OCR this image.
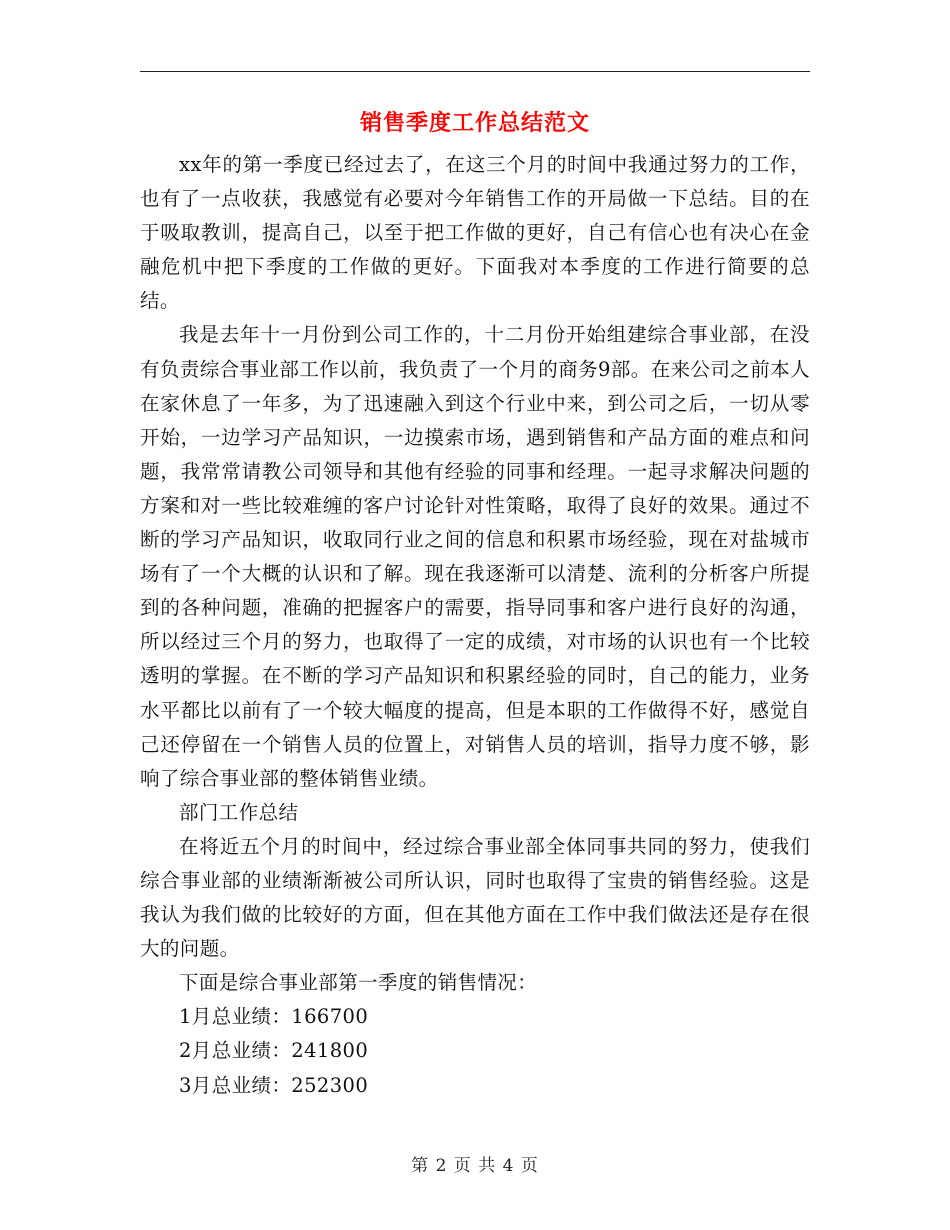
销售季度工作总结范文

xx年的第一季度已经过去了，在这三个月的时间中我通过努力的工作，也有了一点收获，我感觉有必要对今年销售工作的开局做一下总结。目的在于吸取教训，提高自己，以至于把工作做的更好，自己有信心也有决心在金融危机中把下季度的工作做的更好。下面我对本季度的工作进行简要的总结。

我是去年十一月份到公司工作的，十二月份开始组建综合事业部，在没有负责综合事业部工作以前，我负责了一个月的商务9部。在来公司之前本人在家休息了一年多，为了迅速融入到这个行业中来，到公司之后，一切从零开始，一边学习产品知识，一边摸索市场，遇到销售和产品方面的难点和问题，我常常请教公司领导和其他有经验的同事和经理。一起寻求解决问题的方案和对一些比较难缠的客户讨论针对性策略，取得了良好的效果。通过不断的学习产品知识，收取同行业之间的信息和积累市场经验，现在对盐城市场有了一个大概的认识和了解。现在我逐渐可以清楚、流利的分析客户所提到的各种问题，准确的把握客户的需要，指导同事和客户进行良好的沟通，所以经过三个月的努力，也取得了一定的成绩，对市场的认识也有一个比较透明的掌握。在不断的学习产品知识和积累经验的同时，自己的能力，业务水平都比以前有了一个较大幅度的提高，但是本职的工作做得不好，感觉自己还停留在一个销售人员的位置上，对销售人员的培训，指导力度不够，影响了综合事业部的整体销售业绩。

部门工作总结

在将近五个月的时间中，经过综合事业部全体同事共同的努力，使我们综合事业部的业绩渐渐被公司所认识，同时也取得了宝贵的销售经验。这是我认为我们做的比较好的方面，但在其他方面在工作中我们做法还是存在很大的问题。

下面是综合事业部第一季度的销售情况：

1月总业绩：166700

2月总业绩：241800

3月总业绩：252300

第 2 页 共 4 页
